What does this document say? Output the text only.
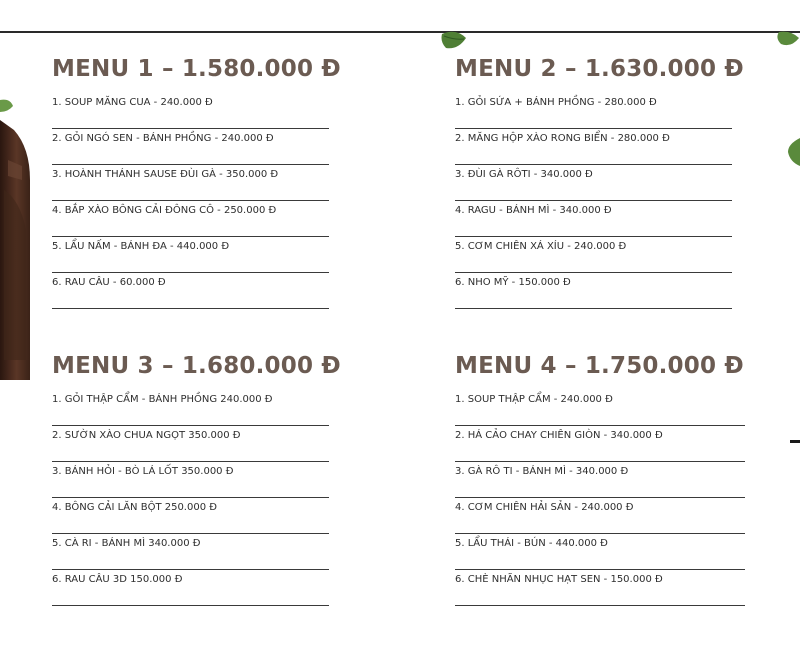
MENU 1 – 1.580.000 Đ
1. SOUP MĂNG CUA - 240.000 Đ
2. GỎI NGÓ SEN - BÁNH PHỒNG - 240.000 Đ
3. HOÀNH THÁNH SAUSE ĐÙI GÀ - 350.000 Đ
4. BẮP XÀO BÔNG CẢI ĐÔNG CÔ - 250.000 Đ
5. LẨU NẤM - BÁNH ĐA - 440.000 Đ
6. RAU CÂU - 60.000 Đ
MENU 2 – 1.630.000 Đ
1. GỎI SỨA + BÁNH PHỒNG - 280.000 Đ
2. MĂNG HỘP XÀO RONG BIỂN - 280.000 Đ
3. ĐÙI GÀ RÔTI - 340.000 Đ
4. RAGU - BÁNH MÌ - 340.000 Đ
5. CƠM CHIÊN XÁ XÍU - 240.000 Đ
6. NHO MỸ - 150.000 Đ
MENU 3 – 1.680.000 Đ
1. GỎI THẬP CẨM - BÁNH PHỒNG 240.000 Đ
2. SƯỜN XÀO CHUA NGỌT 350.000 Đ
3. BÁNH HỎI - BÒ LÁ LỐT 350.000 Đ
4. BÔNG CẢI LĂN BỘT 250.000 Đ
5. CÀ RI - BÁNH MÌ 340.000 Đ
6. RAU CÂU 3D 150.000 Đ
MENU 4 – 1.750.000 Đ
1. SOUP THẬP CẨM - 240.000 Đ
2. HÁ CẢO CHAY CHIÊN GIÒN - 340.000 Đ
3. GÀ RÔ TI - BÁNH MÌ - 340.000 Đ
4. CƠM CHIÊN HẢI SẢN - 240.000 Đ
5. LẨU THÁI - BÚN - 440.000 Đ
6. CHÈ NHÃN NHỤC HẠT SEN - 150.000 Đ
